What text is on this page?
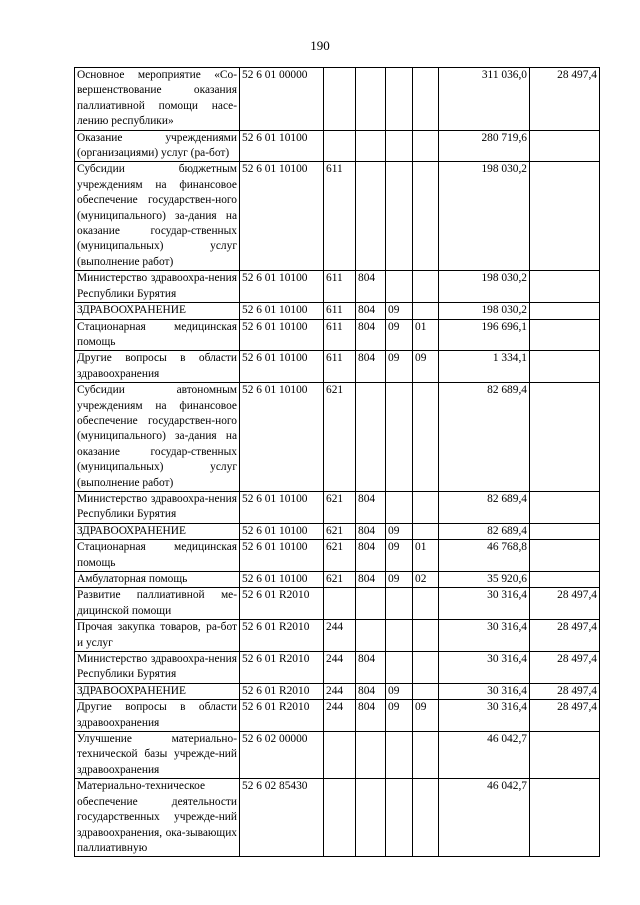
190
Основное мероприятие «Со-вершенствование оказания паллиативной помощи насе-лению республики»	52 6 01 00000					311 036,0	28 497,4
Оказание учреждениями (организациями) услуг (ра-бот)	52 6 01 10100					280 719,6	
Субсидии бюджетным учреждениям на финансовое обеспечение государствен-ного (муниципального) за-дания на оказание государ-ственных (муниципальных) услуг (выполнение работ)	52 6 01 10100	611				198 030,2	
Министерство здравоохра-нения Республики Бурятия	52 6 01 10100	611	804			198 030,2	
ЗДРАВООХРАНЕНИЕ	52 6 01 10100	611	804	09		198 030,2	
Стационарная медицинская помощь	52 6 01 10100	611	804	09	01	196 696,1	
Другие вопросы в области здравоохранения	52 6 01 10100	611	804	09	09	1 334,1	
Субсидии автономным учреждениям на финансовое обеспечение государствен-ного (муниципального) за-дания на оказание государ-ственных (муниципальных) услуг (выполнение работ)	52 6 01 10100	621				82 689,4	
Министерство здравоохра-нения Республики Бурятия	52 6 01 10100	621	804			82 689,4	
ЗДРАВООХРАНЕНИЕ	52 6 01 10100	621	804	09		82 689,4	
Стационарная медицинская помощь	52 6 01 10100	621	804	09	01	46 768,8	
Амбулаторная помощь	52 6 01 10100	621	804	09	02	35 920,6	
Развитие паллиативной ме-дицинской помощи	52 6 01 R2010					30 316,4	28 497,4
Прочая закупка товаров, ра-бот и услуг	52 6 01 R2010	244				30 316,4	28 497,4
Министерство здравоохра-нения Республики Бурятия	52 6 01 R2010	244	804			30 316,4	28 497,4
ЗДРАВООХРАНЕНИЕ	52 6 01 R2010	244	804	09		30 316,4	28 497,4
Другие вопросы в области здравоохранения	52 6 01 R2010	244	804	09	09	30 316,4	28 497,4
Улучшение материально-технической базы учрежде-ний здравоохранения	52 6 02 00000					46 042,7	
Материально-техническое обеспечение деятельности государственных учрежде-ний здравоохранения, ока-зывающих паллиативную	52 6 02 85430					46 042,7	
